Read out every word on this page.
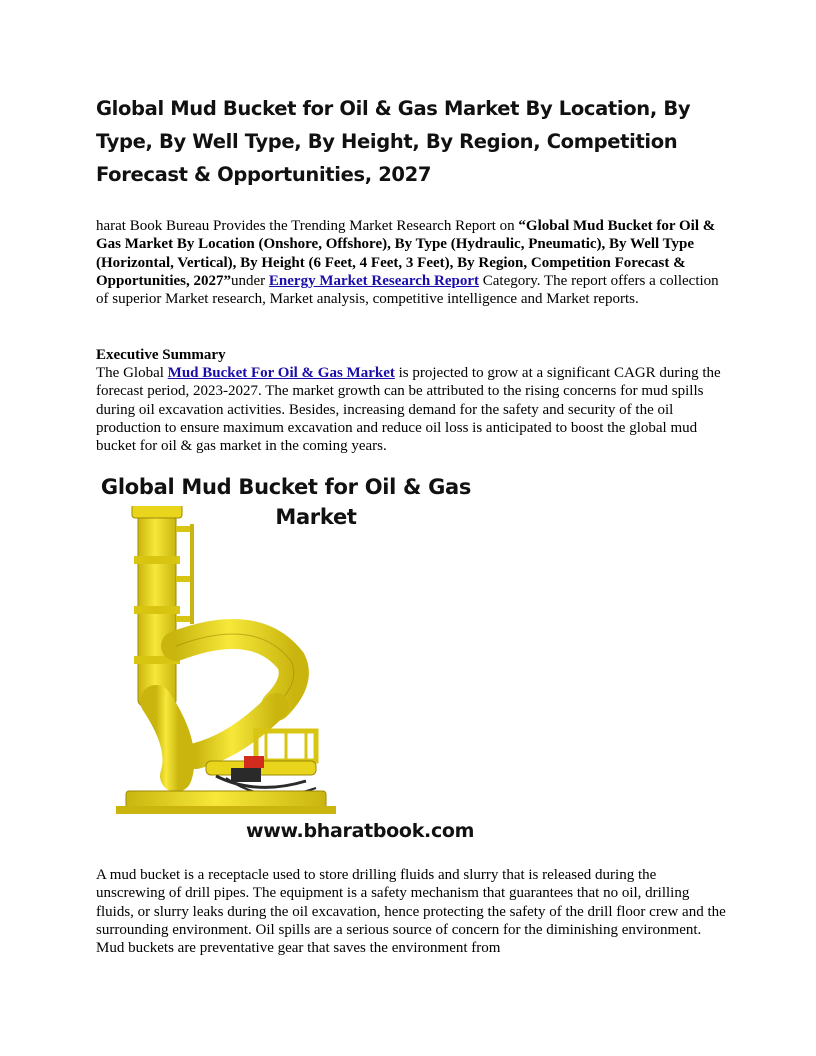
Global Mud Bucket for Oil & Gas Market By Location, By Type, By Well Type, By Height, By Region, Competition Forecast & Opportunities, 2027

harat Book Bureau Provides the Trending Market Research Report on “Global Mud Bucket for Oil & Gas Market By Location (Onshore, Offshore), By Type (Hydraulic, Pneumatic), By Well Type (Horizontal, Vertical), By Height (6 Feet, 4 Feet, 3 Feet), By Region, Competition Forecast & Opportunities, 2027”under Energy Market Research Report Category. The report offers a collection of superior Market research, Market analysis, competitive intelligence and Market reports.

Executive Summary

The Global Mud Bucket For Oil & Gas Market is projected to grow at a significant CAGR during the forecast period, 2023-2027. The market growth can be attributed to the rising concerns for mud spills during oil excavation activities. Besides, increasing demand for the safety and security of the oil production to ensure maximum excavation and reduce oil loss is anticipated to boost the global mud bucket for oil & gas market in the coming years.

Global Mud Bucket for Oil & Gas
Market
www.bharatbook.com

A mud bucket is a receptacle used to store drilling fluids and slurry that is released during the unscrewing of drill pipes. The equipment is a safety mechanism that guarantees that no oil, drilling fluids, or slurry leaks during the oil excavation, hence protecting the safety of the drill floor crew and the surrounding environment. Oil spills are a serious source of concern for the diminishing environment. Mud buckets are preventative gear that saves the environment from
